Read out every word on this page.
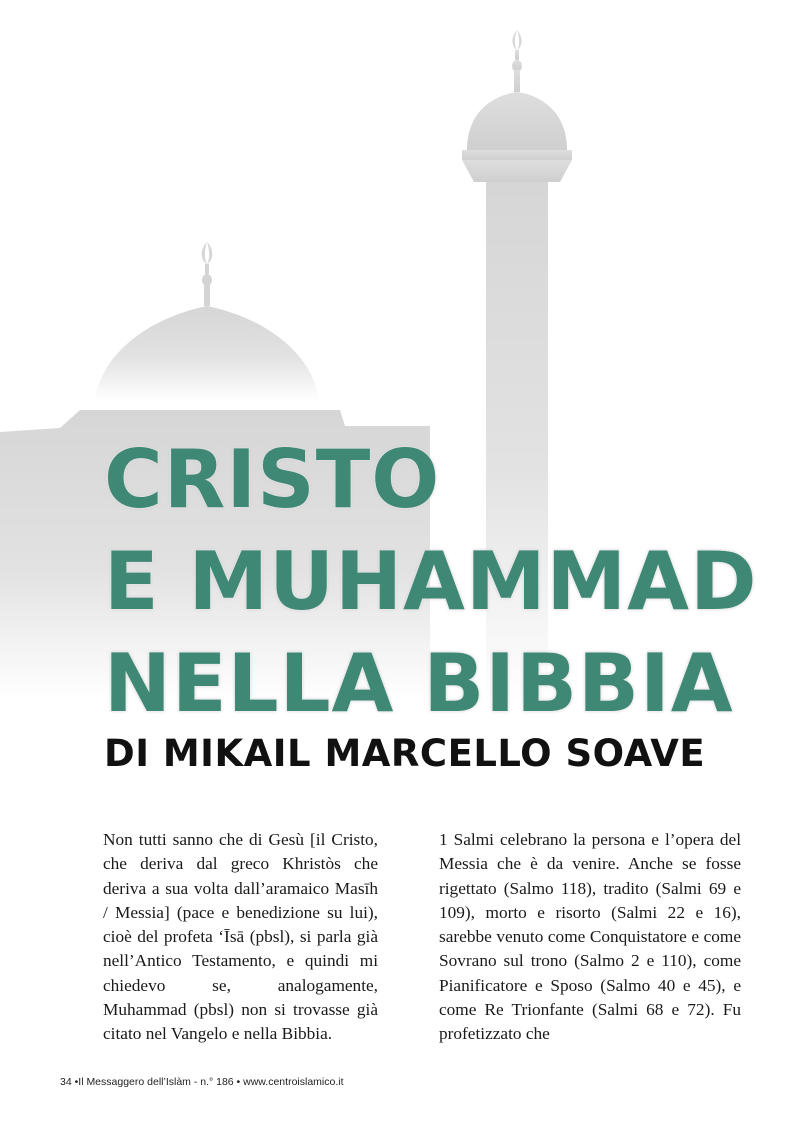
CRISTO
E MUHAMMAD
NELLA BIBBIA
DI MIKAIL MARCELLO SOAVE

Non tutti sanno che di Gesù [il Cristo, che deriva dal greco Khristòs che deriva a sua volta dall’aramaico Masīh / Messia] (pace e benedizione su lui), cioè del profeta ‘Īsā (pbsl), si parla già nell’Antico Testamento, e quindi mi chiedevo se, analogamente, Muhammad (pbsl) non si trovasse già citato nel Vangelo e nella Bibbia.

1 Salmi celebrano la persona e l’opera del Messia che è da venire. Anche se fosse rigettato (Salmo 118), tradito (Salmi 69 e 109), morto e risorto (Salmi 22 e 16), sarebbe venuto come Conquistatore e come Sovrano sul trono (Salmo 2 e 110), come Pianificatore e Sposo (Salmo 40 e 45), e come Re Trionfante (Salmi 68 e 72). Fu profetizzato che

34 •Il Messaggero dell’Islàm - n.° 186 • www.centroislamico.it
